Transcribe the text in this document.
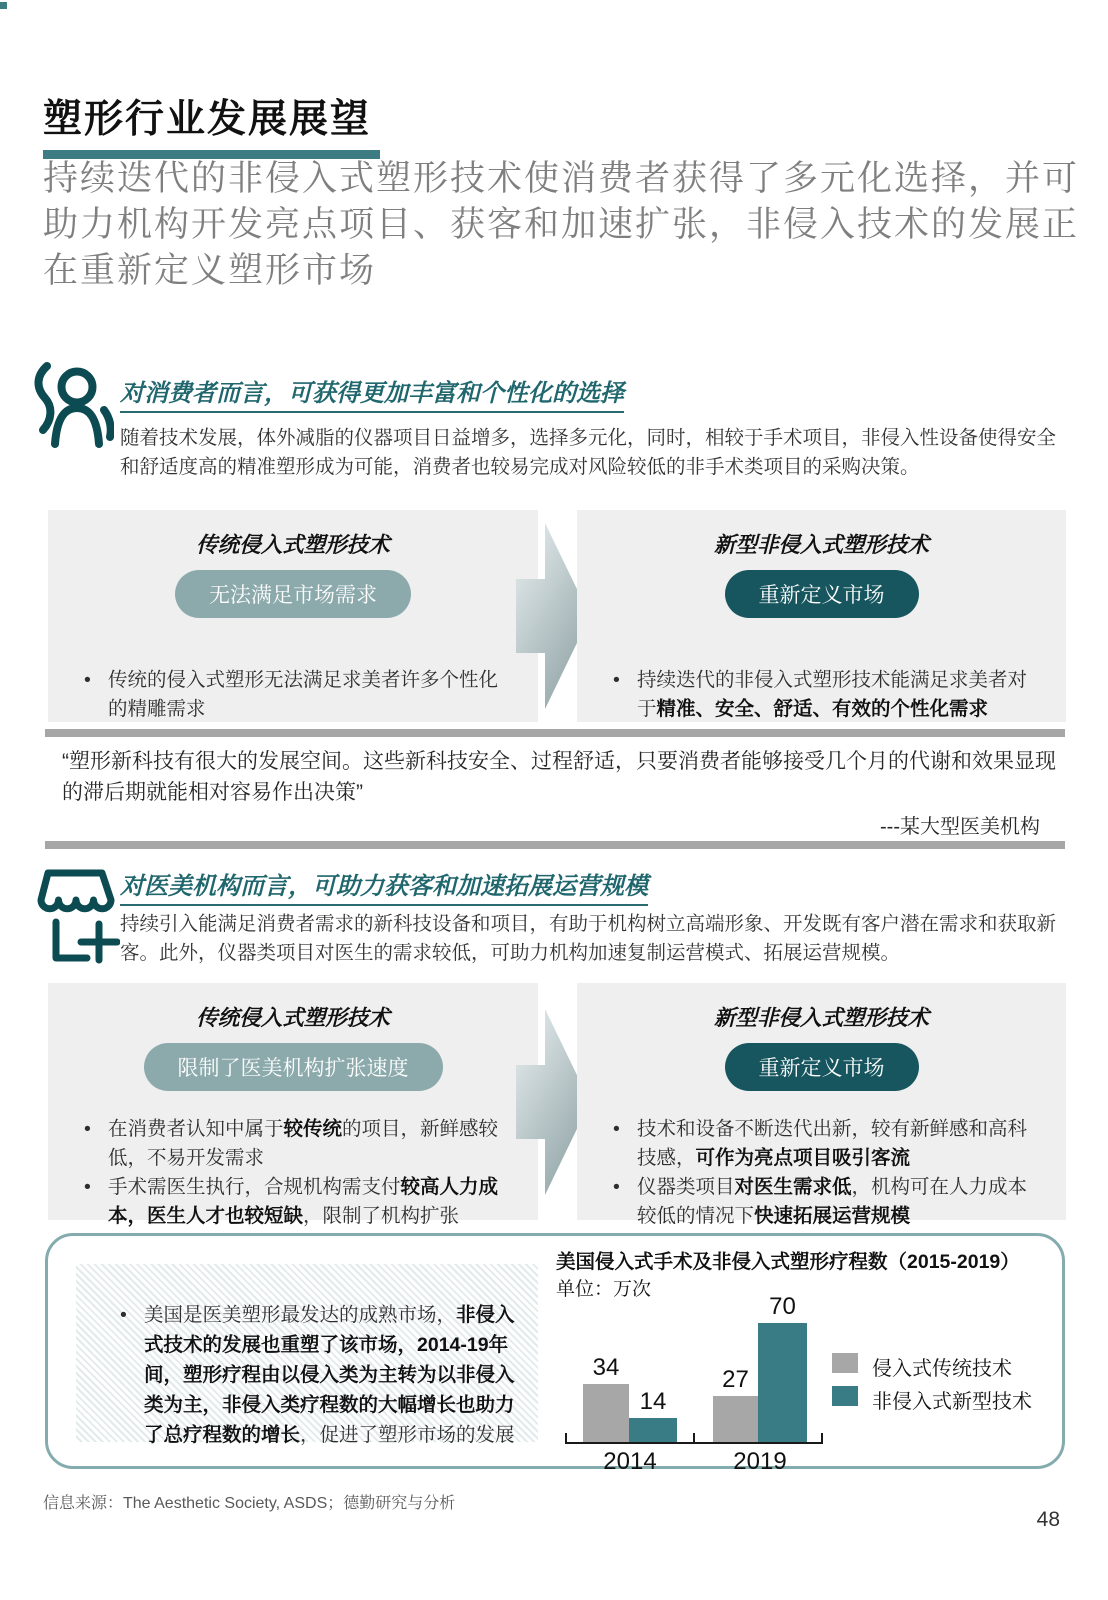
塑形行业发展展望

持续迭代的非侵入式塑形技术使消费者获得了多元化选择，并可助力机构开发亮点项目、获客和加速扩张，非侵入技术的发展正在重新定义塑形市场

对消费者而言，可获得更加丰富和个性化的选择

随着技术发展，体外减脂的仪器项目日益增多，选择多元化，同时，相较于手术项目，非侵入性设备使得安全和舒适度高的精准塑形成为可能，消费者也较易完成对风险较低的非手术类项目的采购决策。

传统侵入式塑形技术
无法满足市场需求
• 传统的侵入式塑形无法满足求美者许多个性化的精雕需求
新型非侵入式塑形技术
重新定义市场
• 持续迭代的非侵入式塑形技术能满足求美者对于精准、安全、舒适、有效的个性化需求

“塑形新科技有很大的发展空间。这些新科技安全、过程舒适，只要消费者能够接受几个月的代谢和效果显现的滞后期就能相对容易作出决策”

---某大型医美机构
对医美机构而言，可助力获客和加速拓展运营规模

持续引入能满足消费者需求的新科技设备和项目，有助于机构树立高端形象、开发既有客户潜在需求和获取新客。此外，仪器类项目对医生的需求较低，可助力机构加速复制运营模式、拓展运营规模。

传统侵入式塑形技术
限制了医美机构扩张速度
• 在消费者认知中属于较传统的项目，新鲜感较低，不易开发需求
• 手术需医生执行，合规机构需支付较高人力成本，医生人才也较短缺，限制了机构扩张
新型非侵入式塑形技术
重新定义市场
• 技术和设备不断迭代出新，较有新鲜感和高科技感，可作为亮点项目吸引客流
• 仪器类项目对医生需求低，机构可在人力成本较低的情况下快速拓展运营规模
• 美国是医美塑形最发达的成熟市场，非侵入式技术的发展也重塑了该市场，2014-19年间，塑形疗程由以侵入类为主转为以非侵入类为主，非侵入类疗程数的大幅增长也助力了总疗程数的增长，促进了塑形市场的发展
美国侵入式手术及非侵入式塑形疗程数（2015-2019）
单位：万次
34
14
2014
27
70
2019
侵入式传统技术
非侵入式新型技术
信息来源：The Aesthetic Society, ASDS；德勤研究与分析
48
